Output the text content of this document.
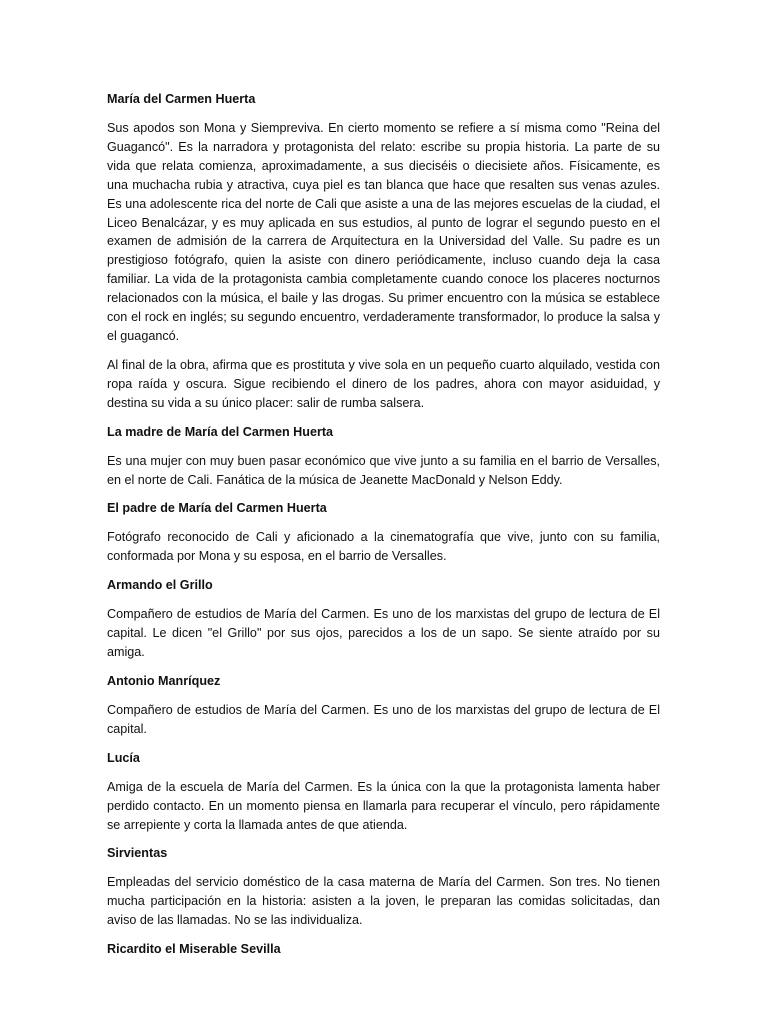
María del Carmen Huerta

Sus apodos son Mona y Siempreviva. En cierto momento se refiere a sí misma como "Reina del Guagancó". Es la narradora y protagonista del relato: escribe su propia historia. La parte de su vida que relata comienza, aproximadamente, a sus dieciséis o diecisiete años. Físicamente, es una muchacha rubia y atractiva, cuya piel es tan blanca que hace que resalten sus venas azules. Es una adolescente rica del norte de Cali que asiste a una de las mejores escuelas de la ciudad, el Liceo Benalcázar, y es muy aplicada en sus estudios, al punto de lograr el segundo puesto en el examen de admisión de la carrera de Arquitectura en la Universidad del Valle. Su padre es un prestigioso fotógrafo, quien la asiste con dinero periódicamente, incluso cuando deja la casa familiar. La vida de la protagonista cambia completamente cuando conoce los placeres nocturnos relacionados con la música, el baile y las drogas. Su primer encuentro con la música se establece con el rock en inglés; su segundo encuentro, verdaderamente transformador, lo produce la salsa y el guagancó.

Al final de la obra, afirma que es prostituta y vive sola en un pequeño cuarto alquilado, vestida con ropa raída y oscura. Sigue recibiendo el dinero de los padres, ahora con mayor asiduidad, y destina su vida a su único placer: salir de rumba salsera.

La madre de María del Carmen Huerta

Es una mujer con muy buen pasar económico que vive junto a su familia en el barrio de Versalles, en el norte de Cali. Fanática de la música de Jeanette MacDonald y Nelson Eddy.

El padre de María del Carmen Huerta

Fotógrafo reconocido de Cali y aficionado a la cinematografía que vive, junto con su familia, conformada por Mona y su esposa, en el barrio de Versalles.

Armando el Grillo

Compañero de estudios de María del Carmen. Es uno de los marxistas del grupo de lectura de El capital. Le dicen "el Grillo" por sus ojos, parecidos a los de un sapo. Se siente atraído por su amiga.

Antonio Manríquez

Compañero de estudios de María del Carmen. Es uno de los marxistas del grupo de lectura de El capital.

Lucía

Amiga de la escuela de María del Carmen. Es la única con la que la protagonista lamenta haber perdido contacto. En un momento piensa en llamarla para recuperar el vínculo, pero rápidamente se arrepiente y corta la llamada antes de que atienda.

Sirvientas

Empleadas del servicio doméstico de la casa materna de María del Carmen. Son tres. No tienen mucha participación en la historia: asisten a la joven, le preparan las comidas solicitadas, dan aviso de las llamadas. No se las individualiza.

Ricardito el Miserable Sevilla
